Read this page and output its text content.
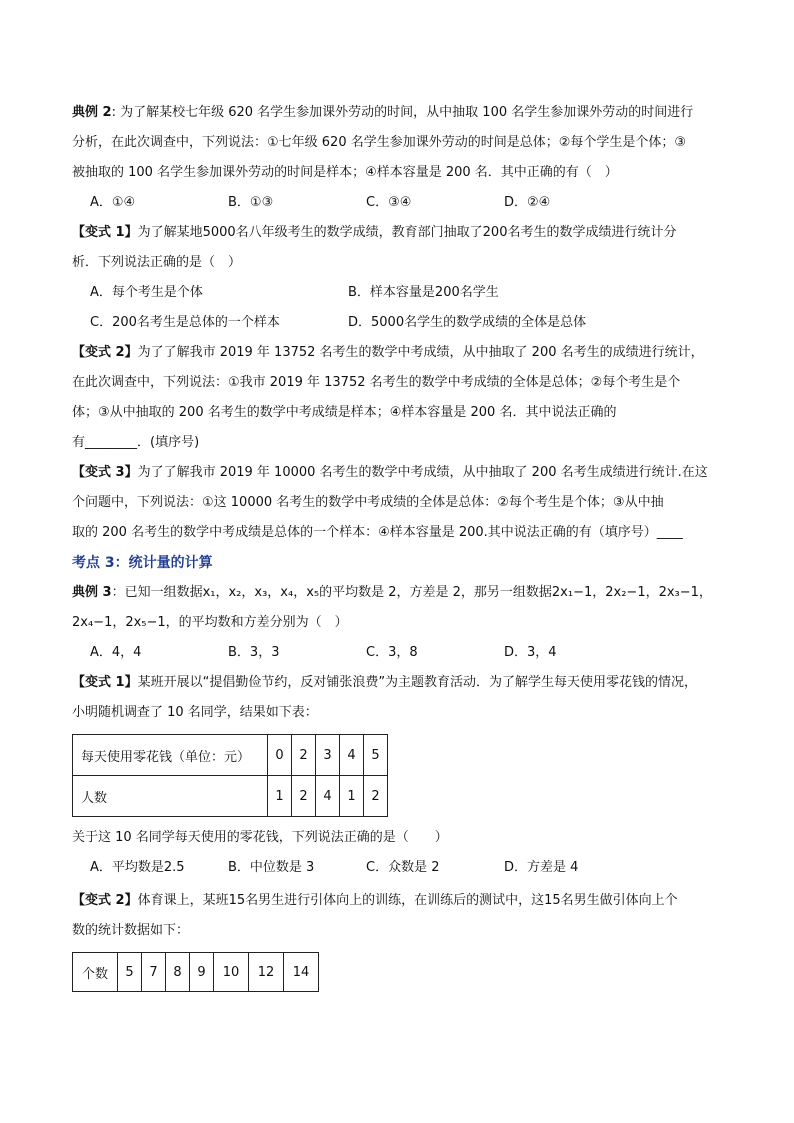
典例 2: 为了解某校七年级 620 名学生参加课外劳动的时间，从中抽取 100 名学生参加课外劳动的时间进行
分析，在此次调查中，下列说法：①七年级 620 名学生参加课外劳动的时间是总体；②每个学生是个体；③
被抽取的 100 名学生参加课外劳动的时间是样本；④样本容量是 200 名．其中正确的有（　）
A．①④	B．①③	C．③④	D．②④
【变式 1】为了解某地5000名八年级考生的数学成绩，教育部门抽取了200名考生的数学成绩进行统计分
析．下列说法正确的是（　）
A．每个考生是个体	B．样本容量是200名学生
C．200名考生是总体的一个样本	D．5000名学生的数学成绩的全体是总体
【变式 2】为了了解我市 2019 年 13752 名考生的数学中考成绩，从中抽取了 200 名考生的成绩进行统计，
在此次调查中，下列说法：①我市 2019 年 13752 名考生的数学中考成绩的全体是总体；②每个考生是个
体；③从中抽取的 200 名考生的数学中考成绩是样本；④样本容量是 200 名．其中说法正确的
有________．(填序号)
【变式 3】为了了解我市 2019 年 10000 名考生的数学中考成绩，从中抽取了 200 名考生成绩进行统计.在这
个问题中，下列说法：①这 10000 名考生的数学中考成绩的全体是总体：②每个考生是个体；③从中抽
取的 200 名考生的数学中考成绩是总体的一个样本：④样本容量是 200.其中说法正确的有（填序号）____
考点 3：统计量的计算
典例 3：已知一组数据x₁，x₂，x₃，x₄，x₅的平均数是 2，方差是 2，那另一组数据2x₁−1，2x₂−1，2x₃−1，
2x₄−1，2x₅−1，的平均数和方差分别为（　）
A．4，4	B．3，3	C．3，8	D．3，4
【变式 1】某班开展以“提倡勤俭节约，反对铺张浪费”为主题教育活动．为了解学生每天使用零花钱的情况，
小明随机调查了 10 名同学，结果如下表：
每天使用零花钱（单位：元）	0	2	3	4	5
人数	1	2	4	1	2
关于这 10 名同学每天使用的零花钱，下列说法正确的是（　　）
A．平均数是2.5	B．中位数是 3	C．众数是 2	D．方差是 4
【变式 2】体育课上，某班15名男生进行引体向上的训练，在训练后的测试中，这15名男生做引体向上个
数的统计数据如下：
个数	5	7	8	9	10	12	14
